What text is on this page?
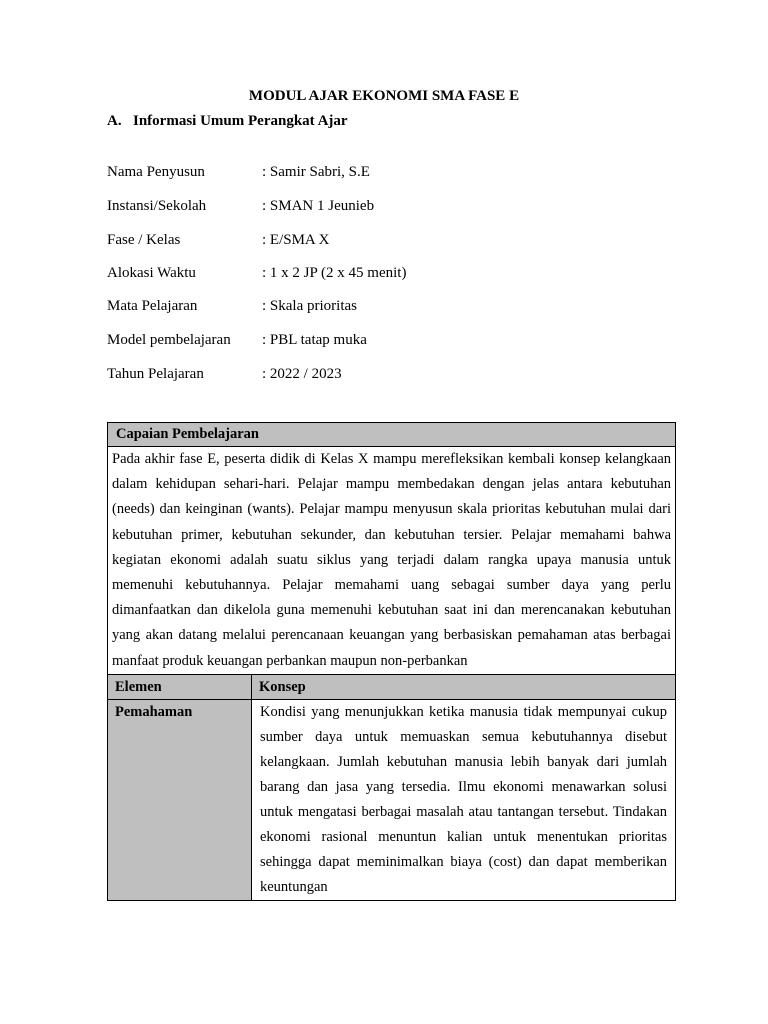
MODUL AJAR EKONOMI SMA FASE E
A. Informasi Umum Perangkat Ajar
Nama Penyusun	: Samir Sabri, S.E
Instansi/Sekolah	: SMAN 1 Jeunieb
Fase / Kelas	: E/SMA X
Alokasi Waktu	: 1 x 2 JP (2 x 45 menit)
Mata Pelajaran	: Skala prioritas
Model pembelajaran : PBL tatap muka
Tahun Pelajaran	: 2022 / 2023
Capaian Pembelajaran	
Pada akhir fase E, peserta didik di Kelas X mampu merefleksikan kembali konsep kelangkaan dalam kehidupan sehari-hari. Pelajar mampu membedakan dengan jelas antara kebutuhan (needs) dan keinginan (wants). Pelajar mampu menyusun skala prioritas kebutuhan mulai dari kebutuhan primer, kebutuhan sekunder, dan kebutuhan tersier. Pelajar memahami bahwa kegiatan ekonomi adalah suatu siklus yang terjadi dalam rangka upaya manusia untuk memenuhi kebutuhannya. Pelajar memahami uang sebagai sumber daya yang perlu dimanfaatkan dan dikelola guna memenuhi kebutuhan saat ini dan merencanakan kebutuhan yang akan datang melalui perencanaan keuangan yang berbasiskan pemahaman atas berbagai manfaat produk keuangan perbankan maupun non-perbankan	
Elemen	Konsep
Pemahaman	Kondisi yang menunjukkan ketika manusia tidak mempunyai cukup sumber daya untuk memuaskan semua kebutuhannya disebut kelangkaan. Jumlah kebutuhan manusia lebih banyak dari jumlah barang dan jasa yang tersedia. Ilmu ekonomi menawarkan solusi untuk mengatasi berbagai masalah atau tantangan tersebut. Tindakan ekonomi rasional menuntun kalian untuk menentukan prioritas sehingga dapat meminimalkan biaya (cost) dan dapat memberikan keuntungan
